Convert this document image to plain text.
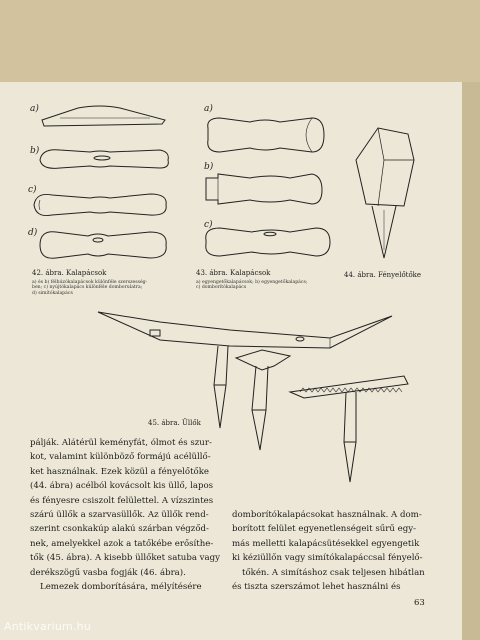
a)
b)
c)
d)
a)
b)
c)
42. ábra. Kalapácsok
a) és b) félhúzókalapácsok különféle szerszesség-
ben; c) nyújtókalapács különféle domborulatra;
d) simítókalapács
43. ábra. Kalapácsok
a) egyengetőkalapácsok; b) egyengetőkalapács;
c) domborítókalapács
44. ábra. Fényelőtőke
45. ábra. Üllők
pálják. Alátérül keményfát, ólmot és szur-
kot, valamint különböző formájú acélüllő-
ket használnak. Ezek közül a fényelőtőke
(44. ábra) acélból kovácsolt kis üllő, lapos
és fényesre csiszolt felülettel. A vízszintes
szárú üllők a szarvasüllők. Az üllők rend-
szerint csonkakúp alakú szárban végződ-
nek, amelyekkel azok a tatőkébe erősíthe-
tők (45. ábra). A kisebb üllőket satuba vagy
derékszögű vasba fogják (46. ábra).
Lemezek domborítására, mélyítésére
domborítókalapácsokat használnak. A dom-
borított felület egyenetlenségeit sűrű egy-
más melletti kalapácsütésekkel egyengetik
ki kéziüllőn vagy simítókalapáccsal fényelő-
tőkén. A simításhoz csak teljesen hibátlan
és tiszta szerszámot lehet használni és
63
Antikvarium.hu
